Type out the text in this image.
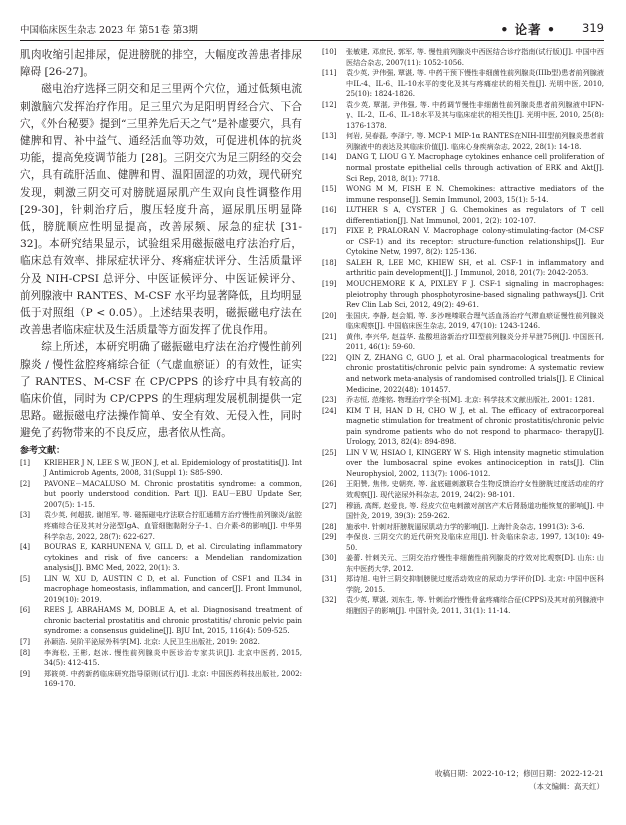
中国临床医生杂志 2023 年 第51卷 第3期	• 论著 • 319

肌肉收缩引起排尿，促进膀胱的排空，大幅度改善患者排尿障碍 [26-27]。

磁电治疗选择三阴交和足三里两个穴位，通过低频电流刺激脑穴发挥治疗作用。足三里穴为足阳明胃经合穴、下合穴，《外台秘要》提到“三里养先后天之气”是补虚要穴，具有健脾和胃、补中益气、通经活血等功效，可促进机体的抗炎功能，提高免疫调节能力 [28]。三阴交穴为足三阴经的交会穴，具有疏肝活血、健脾和胃、温阳固涩的功效，现代研究发现，刺激三阴交可对膀胱逼尿肌产生双向良性调整作用 [29-30]，针刺治疗后，腹压轻度升高，逼尿肌压明显降低，膀胱顺应性明显提高，改善尿频、尿急的症状 [31-32]。本研究结果显示，试验组采用磁振磁电疗法治疗后，临床总有效率、排尿症状评分、疼痛症状评分、生活质量评分及 NIH-CPSI 总评分、中医证候评分、中医证候评分、前列腺液中 RANTES、M-CSF 水平均显著降低，且均明显低于对照组（P < 0.05）。上述结果表明，磁振磁电疗法在改善患者临床症状及生活质量等方面发挥了优良作用。

综上所述，本研究明确了磁振磁电疗法在治疗慢性前列腺炎 / 慢性盆腔疼痛综合征（气虚血瘀证）的有效性，证实了 RANTES、M-CSF 在 CP/CPPS 的诊疗中具有较高的临床价值，同时为 CP/CPPS 的生理病理发展机制提供一定思路。磁振磁电疗法操作简单、安全有效、无侵入性，同时避免了药物带来的不良反应，患者依从性高。

参考文献：
[1]	KRIEHER J N, LEE S W, JEON J, et al. Epidemiology of prostatitis[J]. Int J Antimicrob Agents, 2008, 31(Suppl 1): S85-S90.
[2]	PAVONE－MACALUSO M. Chronic prostatitis syndrome: a common, but poorly understood condition. Part I[J]. EAU－EBU Update Ser, 2007(5): 1-15.
[3]	袁少英, 何超拔, 谢旭军, 等. 磁振磁电疗法联合拧肛通精方治疗慢性前列腺炎/盆腔疼痛综合征及其对分泌型IgA、血管细胞黏附分子-1、白介素-8的影响[J]. 中华男科学杂志, 2022, 28(7): 622-627.
[4]	BOURAS E, KARHUNENA V, GILL D, et al. Circulating inflammatory cytokines and risk of five cancers: a Mendelian randomization analysis[J]. BMC Med, 2022, 20(1): 3.
[5]	LIN W, XU D, AUSTIN C D, et al. Function of CSF1 and IL34 in macrophage homeostasis, inflammation, and cancer[J]. Front Immunol, 2019(10): 2019.
[6]	REES J, ABRAHAMS M, DOBLE A, et al. Diagnosisand treatment of chronic bacterial prostatitis and chronic prostatitis/ chronic pelvic pain syndrome: a consensus guideline[J]. BJU Int, 2015, 116(4): 509-525.
[7]	孙颖浩. 吴阶平泌尿外科学[M]. 北京: 人民卫生出版社, 2019: 2082.
[8]	李海松, 王彬, 赵冰. 慢性前列腺炎中医诊治专家共识[J]. 北京中医药, 2015, 34(5): 412-415.
[9]	郑筱萸. 中药新药临床研究指导原则(试行)[J]. 北京: 中国医药科技出版社, 2002: 169-170.
[10]	张敏建, 邓庶民, 郭军, 等. 慢性前列腺炎中西医结合诊疗指南(试行版)[J]. 中国中西医结合杂志, 2007(11): 1052-1056.
[11]	袁少英, 尹伟强, 覃湛, 等. 中药干预下慢性非细菌性前列腺炎(IIIb型)患者前列腺液中IL-4、IL-6、IL-10水平的变化及其与疼痛症状的相关性[J]. 光明中医, 2010, 25(10): 1824-1826.
[12]	袁少英, 覃湛, 尹伟强, 等. 中药调节慢性非细菌性前列腺炎患者前列腺液中IFN-γ、IL-2、IL-6、IL-18水平及其与临床症状的相关性[J]. 光明中医, 2010, 25(8): 1376-1378.
[13]	何岩, 吴春磊, 李泽宁, 等. MCP-1 MIP-1α RANTES在NIH-III型前列腺炎患者前列腺液中的表达及其临床价值[J]. 临床心身疾病杂志, 2022, 28(1): 14-18.
[14]	DANG T, LIOU G Y. Macrophage cytokines enhance cell proliferation of normal prostate epithelial cells through activation of ERK and Akt[J]. Sci Rep, 2018, 8(1): 7718.
[15]	WONG M M, FISH E N. Chemokines: attractive mediators of the immune response[J]. Semin Immunol, 2003, 15(1): 5-14.
[16]	LUTHER S A, CYSTER J G. Chemokines as regulators of T cell differentiation[J]. Nat Immunol, 2001, 2(2): 102-107.
[17]	FIXE P, PRALORAN V. Macrophage colony-stimulating-factor (M-CSF or CSF-1) and its receptor: structure-function relationships[J]. Eur Cytokine Netw, 1997, 8(2): 125-136.
[18]	SALEH R, LEE MC, KHIEW SH, et al. CSF-1 in inflammatory and arthritic pain development[J]. J Immunol, 2018, 201(7): 2042-2053.
[19]	MOUCHEMORE K A, PIXLEY F J. CSF-1 signaling in macrophages: pleiotrophy through phosphotyrosine-based signaling pathways[J]. Crit Rev Clin Lab Sci, 2012, 49(2): 49-61.
[20]	张国庆, 李静, 赵会娟, 等. 多沙唑嗪联合理气活血汤治疗气滞血瘀证慢性前列腺炎临床观察[J]. 中国临床医生杂志, 2019, 47(10): 1243-1246.
[21]	黄伟, 李兴华, 赵益华. 盐酸坦洛新治疗III型前列腺炎分并早泄75例[J]. 中国医刊, 2011, 46(1): 59-60.
[22]	QIN Z, ZHANG C, GUO J, et al. Oral pharmacological treatments for chronic prostatitis/chronic pelvic pain syndrome: A systematic review and network meta-analysis of randomised controlled trials[J]. E Clinical Medicine, 2022(48): 101457.
[23]	乔志恒, 范维铭. 物理治疗学全书[M]. 北京: 科学技术文献出版社, 2001: 1281.
[24]	KIM T H, HAN D H, CHO W J, et al. The efficacy of extracorporeal magnetic stimulation for treatment of chronic prostatitis/chronic pelvic pain syndrome patients who do not respond to pharmaco- therapy[J]. Urology, 2013, 82(4): 894-898.
[25]	LIN V W, HSIAO I, KINGERY W S. High intensity magnetic stimulation over the lumbosacral spine evokes antinociception in rats[J]. Clin Neurophysiol, 2002, 113(7): 1006-1012.
[26]	王阳赞, 焦伟, 史朝亮, 等. 盆底磁刺激联合生物反馈治疗女性膀胱过度活动症的疗效观察[J]. 现代泌尿外科杂志, 2019, 24(2): 98-101.
[27]	穆涵, 高辉, 赵爱良, 等. 经皮穴位电刺激对剖宫产术后肾肠道功能恢复的影响[J]. 中国针灸, 2019, 39(3): 259-262.
[28]	施承中. 针刺对肝膀胱逼尿肌动力学的影响[J]. 上海针灸杂志, 1991(3): 3-6.
[29]	李保良. 三阴交穴的近代研究及临床应用[J]. 针灸临床杂志, 1997, 13(10): 49-50.
[30]	姜蕾. 针刺关元、三阴交治疗慢性非细菌性前列腺炎的疗效对比观察[D]. 山东: 山东中医药大学, 2012.
[31]	郑诗旭. 电针三阴交抑制膀胱过度活动效应的尿动力学评价[D]. 北京: 中国中医科学院, 2015.
[32]	袁少英, 覃湛, 刘东生, 等. 针刺治疗慢性骨盆疼痛综合征(CPPS)及其对前列腺液中细胞因子的影响[J]. 中国针灸, 2011, 31(1): 11-14.
收稿日期：2022-10-12；修回日期：2022-12-21
（本文编辑：高天红）
